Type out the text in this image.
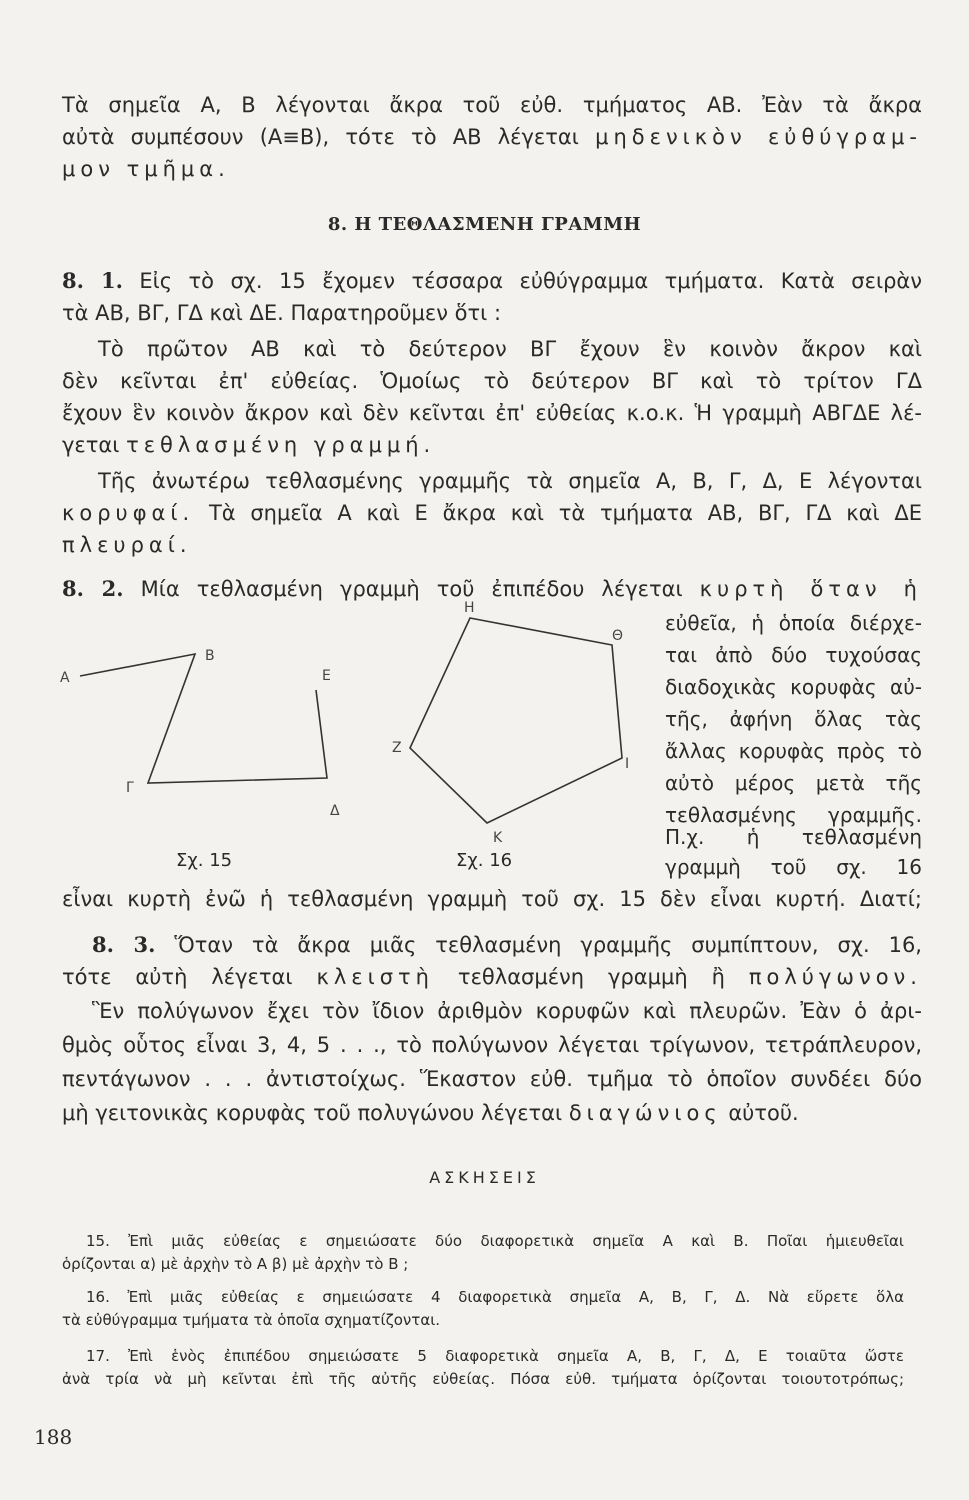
Τὰ σημεῖα Α, Β λέγονται ἄκρα τοῦ εὐθ. τμήματος ΑΒ. Ἐὰν τὰ ἄκρα
αὐτὰ συμπέσουν (Α≡Β), τότε τὸ ΑΒ λέγεται μηδενικὸν εὐθύγραμ-
μον τμῆμα.
8. Η ΤΕΘΛΑΣΜΕΝΗ ΓΡΑΜΜΗ
8. 1. Εἰς τὸ σχ. 15 ἔχομεν τέσσαρα εὐθύγραμμα τμήματα. Κατὰ σειρὰν
τὰ ΑΒ, ΒΓ, ΓΔ καὶ ΔΕ. Παρατηροῦμεν ὅτι :
Τὸ πρῶτον ΑΒ καὶ τὸ δεύτερον ΒΓ ἔχουν ἓν κοινὸν ἄκρον καὶ
δὲν κεῖνται ἐπ' εὐθείας. Ὁμοίως τὸ δεύτερον ΒΓ καὶ τὸ τρίτον ΓΔ
ἔχουν ἓν κοινὸν ἄκρον καὶ δὲν κεῖνται ἐπ' εὐθείας κ.ο.κ. Ἡ γραμμὴ ΑΒΓΔΕ λέ-
γεται τεθλασμένη γραμμή.
Τῆς ἀνωτέρω τεθλασμένης γραμμῆς τὰ σημεῖα Α, Β, Γ, Δ, Ε λέγονται
κορυφαί. Τὰ σημεῖα Α καὶ Ε ἄκρα καὶ τὰ τμήματα ΑΒ, ΒΓ, ΓΔ καὶ ΔΕ
πλευραί.
8. 2. Μία τεθλασμένη γραμμὴ τοῦ ἐπιπέδου λέγεται κυρτὴ ὅταν ἡ
εὐθεῖα, ἡ ὁποία διέρχε-
ται ἀπὸ δύο τυχούσας
διαδοχικὰς κορυφὰς αὐ-
τῆς, ἀφήνη ὅλας τὰς
ἄλλας κορυφὰς πρὸς τὸ
αὐτὸ μέρος μετὰ τῆς
τεθλασμένης γραμμῆς.
Π.χ. ἡ τεθλασμένη
γραμμὴ τοῦ σχ. 16
εἶναι κυρτὴ ἐνῶ ἡ τεθλασμένη γραμμὴ τοῦ σχ. 15 δὲν εἶναι κυρτή. Διατί;
Α
Β
Γ
Δ
Ε
Η
Θ
Ι
Κ
Ζ
Σχ. 15	Σχ. 16
8. 3. Ὅταν τὰ ἄκρα μιᾶς τεθλασμένη γραμμῆς συμπίπτουν, σχ. 16,
τότε αὐτὴ λέγεται κλειστὴ τεθλασμένη γραμμὴ ἢ πολύγωνον.
Ἓν πολύγωνον ἔχει τὸν ἴδιον ἀριθμὸν κορυφῶν καὶ πλευρῶν. Ἐὰν ὁ ἀρι-
θμὸς οὗτος εἶναι 3, 4, 5 . . ., τὸ πολύγωνον λέγεται τρίγωνον, τετράπλευρον,
πεντάγωνον . . . ἀντιστοίχως. Ἕκαστον εὐθ. τμῆμα τὸ ὁποῖον συνδέει δύο
μὴ γειτονικὰς κορυφὰς τοῦ πολυγώνου λέγεται διαγώνιος αὐτοῦ.
ΑΣΚΗΣΕΙΣ
15. Ἐπὶ μιᾶς εὐθείας ε σημειώσατε δύο διαφορετικὰ σημεῖα Α καὶ Β. Ποῖαι ἡμιευθεῖαι
ὁρίζονται α) μὲ ἀρχὴν τὸ Α β) μὲ ἀρχὴν τὸ Β ;
16. Ἐπὶ μιᾶς εὐθείας ε σημειώσατε 4 διαφορετικὰ σημεῖα Α, Β, Γ, Δ. Νὰ εὕρετε ὅλα
τὰ εὐθύγραμμα τμήματα τὰ ὁποῖα σχηματίζονται.
17. Ἐπὶ ἑνὸς ἐπιπέδου σημειώσατε 5 διαφορετικὰ σημεῖα Α, Β, Γ, Δ, Ε τοιαῦτα ὥστε
ἀνὰ τρία νὰ μὴ κεῖνται ἐπὶ τῆς αὐτῆς εὐθείας. Πόσα εὐθ. τμήματα ὁρίζονται τοιουτοτρόπως;
188
